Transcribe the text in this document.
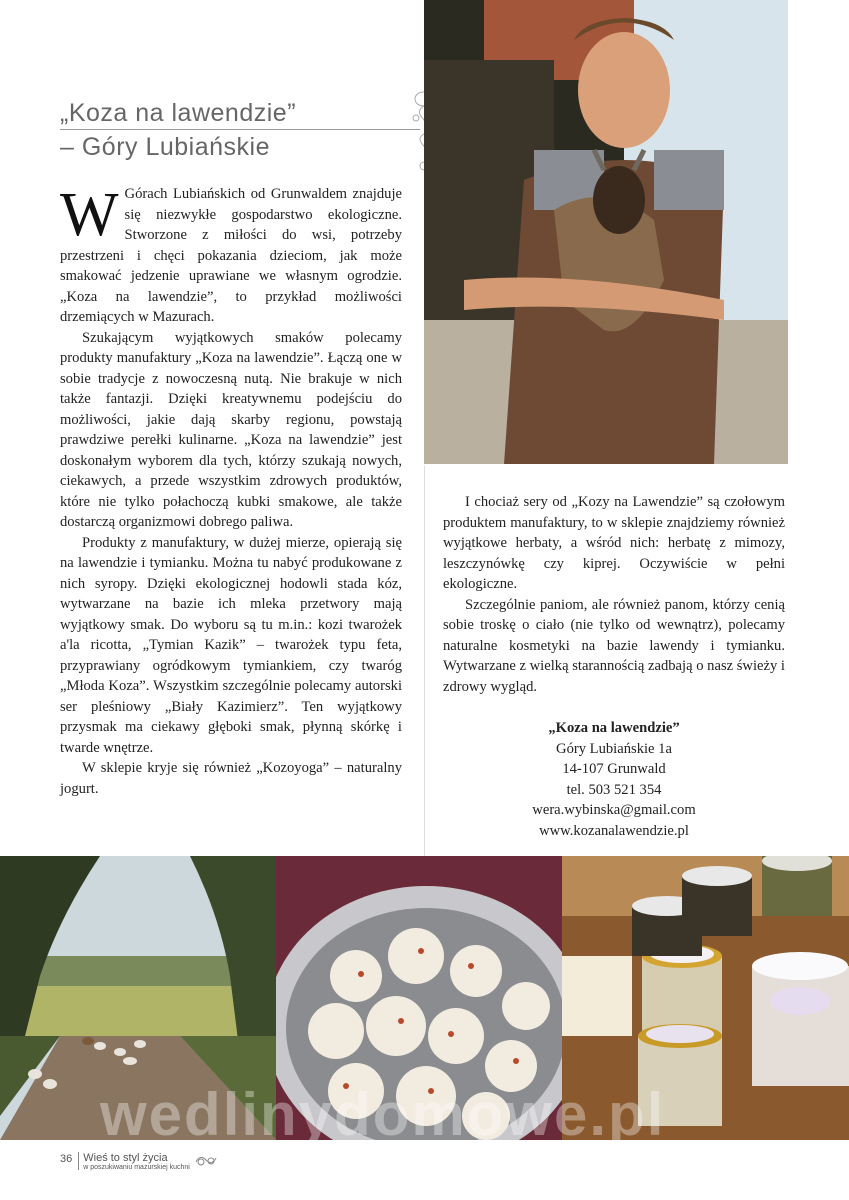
„Koza na lawendzie”
– Góry Lubiańskie

W Górach Lubiańskich od Grunwaldem znajduje się niezwykłe gospodarstwo ekologiczne. Stworzone z miłości do wsi, potrzeby przestrzeni i chęci pokazania dzieciom, jak może smakować jedzenie uprawiane we własnym ogrodzie. „Koza na lawendzie”, to przykład możliwości drzemiących w Mazurach.

Szukającym wyjątkowych smaków polecamy produkty manufaktury „Koza na lawendzie”. Łączą one w sobie tradycje z nowoczesną nutą. Nie brakuje w nich także fantazji. Dzięki kreatywnemu podejściu do możliwości, jakie dają skarby regionu, powstają prawdziwe perełki kulinarne. „Koza na lawendzie” jest doskonałym wyborem dla tych, którzy szukają nowych, ciekawych, a przede wszystkim zdrowych produktów, które nie tylko połachoczą kubki smakowe, ale także dostarczą organizmowi dobrego paliwa.

Produkty z manufaktury, w dużej mierze, opierają się na lawendzie i tymianku. Można tu nabyć produkowane z nich syropy. Dzięki ekologicznej hodowli stada kóz, wytwarzane na bazie ich mleka przetwory mają wyjątkowy smak. Do wyboru są tu m.in.: kozi twarożek a'la ricotta, „Tymian Kazik” – twarożek typu feta, przyprawiany ogródkowym tymiankiem, czy twaróg „Młoda Koza”. Wszystkim szczególnie polecamy autorski ser pleśniowy „Biały Kazimierz”. Ten wyjątkowy przysmak ma ciekawy głęboki smak, płynną skórkę i twarde wnętrze.

W sklepie kryje się również „Kozoyoga” – naturalny jogurt.

I chociaż sery od „Kozy na Lawendzie” są czołowym produktem manufaktury, to w sklepie znajdziemy również wyjątkowe herbaty, a wśród nich: herbatę z mimozy, leszczynówkę czy kiprej. Oczywiście w pełni ekologiczne.

Szczególnie paniom, ale również panom, którzy cenią sobie troskę o ciało (nie tylko od wewnątrz), polecamy naturalne kosmetyki na bazie lawendy i tymianku. Wytwarzane z wielką starannością zadbają o nasz świeży i zdrowy wygląd.

„Koza na lawendzie”
Góry Lubiańskie 1a
14-107 Grunwald
tel. 503 521 354
wera.wybinska@gmail.com
www.kozanalawendzie.pl
wedlinydomowe.pl
36 Wieś to styl życia
w poszukiwaniu mazurskiej kuchni
